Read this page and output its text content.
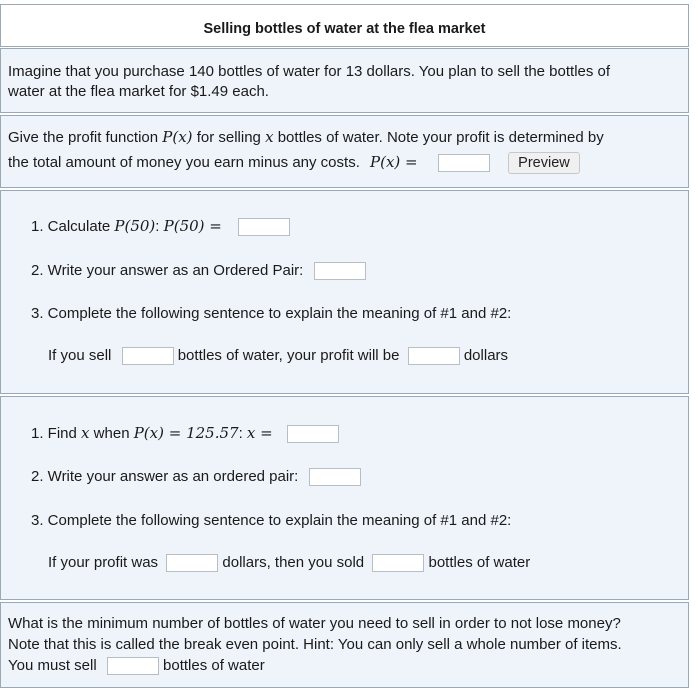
Selling bottles of water at the flea market
Imagine that you purchase 140 bottles of water for 13 dollars. You plan to sell the bottles of
water at the flea market for $1.49 each.
Give the profit function P(x) for selling x bottles of water. Note your profit is determined by
the total amount of money you earn minus any costs. P(x) =	Preview
1. Calculate P(50): P(50) =
2. Write your answer as an Ordered Pair:
3. Complete the following sentence to explain the meaning of #1 and #2:
If you sell	bottles of water, your profit will be	dollars
1. Find x when P(x) = 125.57: x =
2. Write your answer as an ordered pair:
3. Complete the following sentence to explain the meaning of #1 and #2:
If your profit was	dollars, then you sold	bottles of water
What is the minimum number of bottles of water you need to sell in order to not lose money?
Note that this is called the break even point. Hint: You can only sell a whole number of items.
You must sell	bottles of water
